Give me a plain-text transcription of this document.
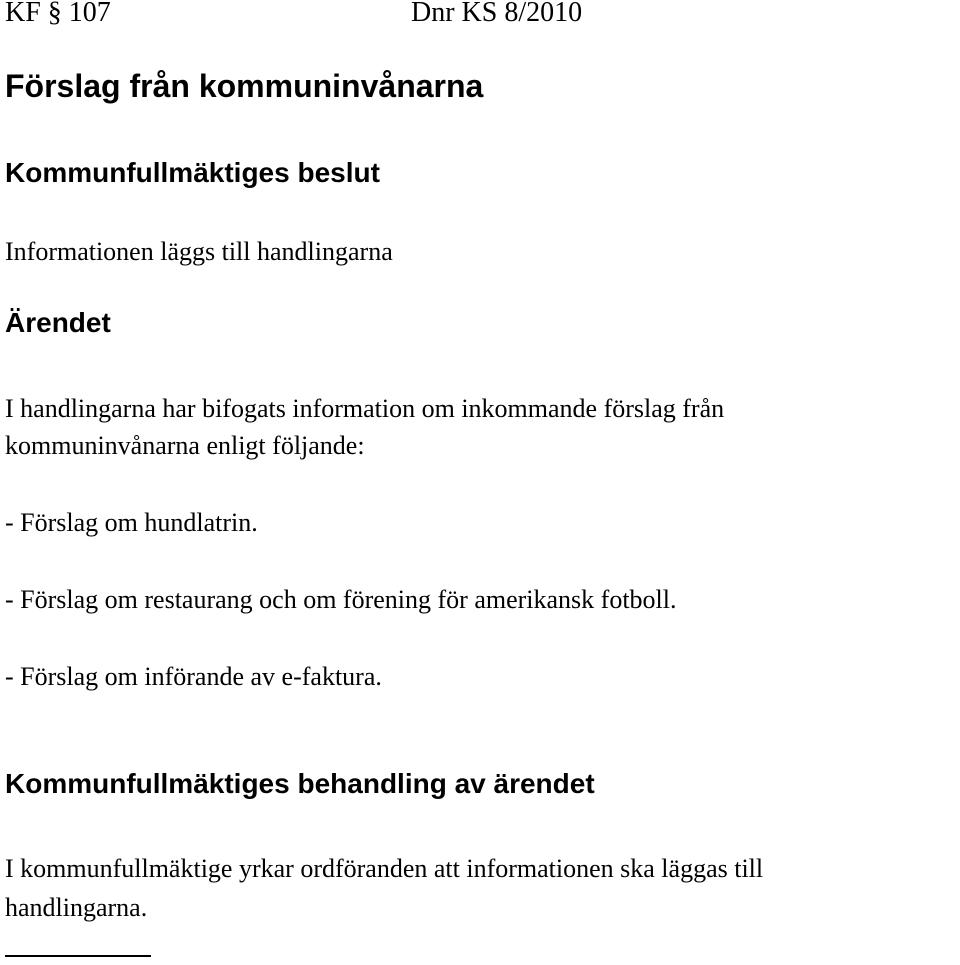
KF § 107	Dnr KS 8/2010
Förslag från kommuninvånarna
Kommunfullmäktiges beslut

Informationen läggs till handlingarna

Ärendet

I handlingarna har bifogats information om inkommande förslag från

kommuninvånarna enligt följande:

- Förslag om hundlatrin.

- Förslag om restaurang och om förening för amerikansk fotboll.

- Förslag om införande av e-faktura.

Kommunfullmäktiges behandling av ärendet

I kommunfullmäktige yrkar ordföranden att informationen ska läggas till

handlingarna.
